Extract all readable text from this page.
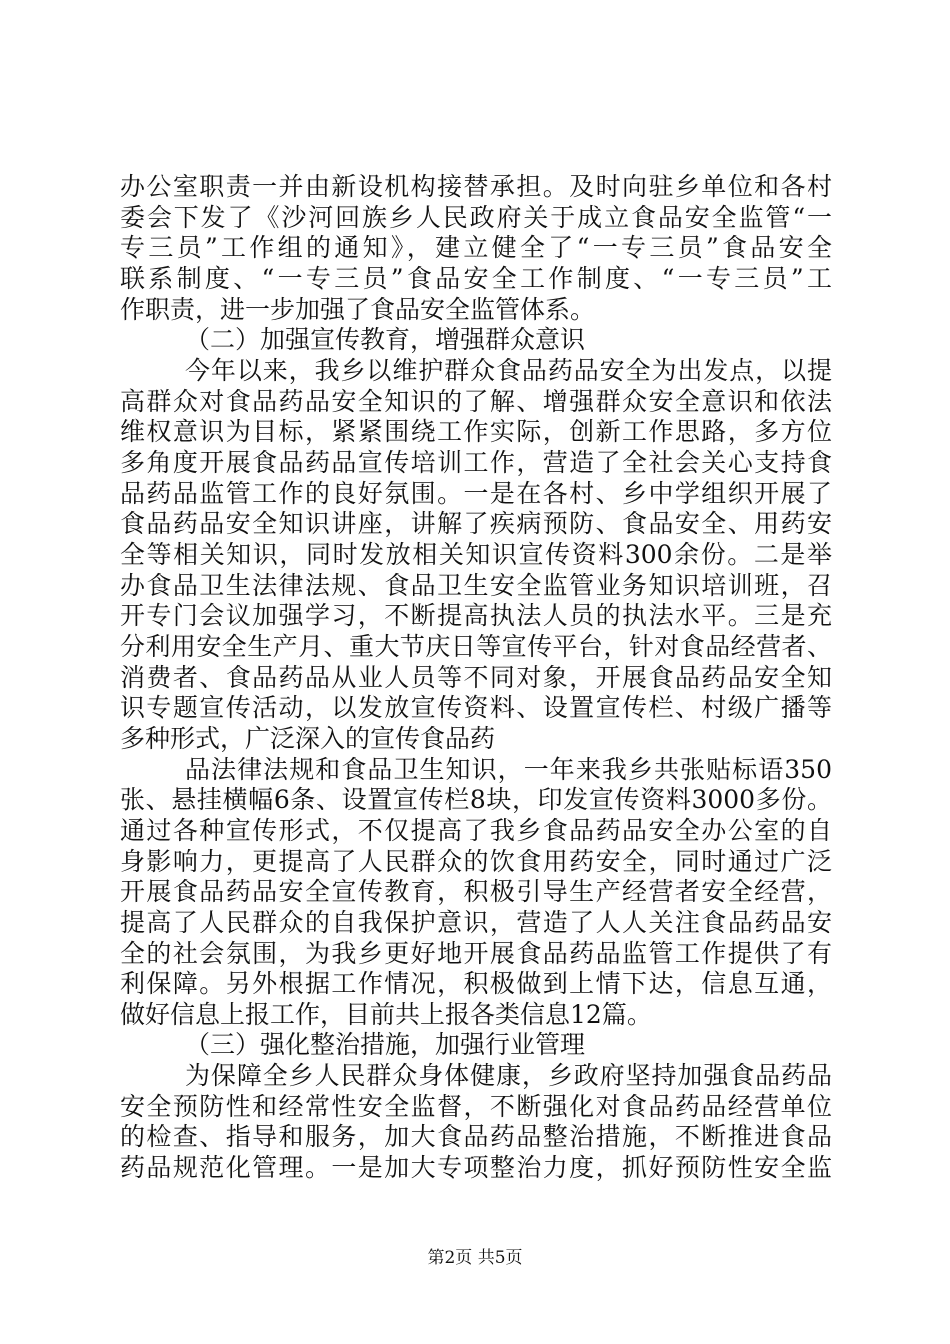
办公室职责一并由新设机构接替承担。及时向驻乡单位和各村
委会下发了《沙河回族乡人民政府关于成立食品安全监管“一
专三员”工作组的通知》，建立健全了“一专三员”食品安全
联系制度、“一专三员”食品安全工作制度、“一专三员”工
作职责，进一步加强了食品安全监管体系。
（二）加强宣传教育，增强群众意识
今年以来，我乡以维护群众食品药品安全为出发点，以提
高群众对食品药品安全知识的了解、增强群众安全意识和依法
维权意识为目标，紧紧围绕工作实际，创新工作思路，多方位
多角度开展食品药品宣传培训工作，营造了全社会关心支持食
品药品监管工作的良好氛围。一是在各村、乡中学组织开展了
食品药品安全知识讲座，讲解了疾病预防、食品安全、用药安
全等相关知识，同时发放相关知识宣传资料300余份。二是举
办食品卫生法律法规、食品卫生安全监管业务知识培训班，召
开专门会议加强学习，不断提高执法人员的执法水平。三是充
分利用安全生产月、重大节庆日等宣传平台，针对食品经营者、
消费者、食品药品从业人员等不同对象，开展食品药品安全知
识专题宣传活动，以发放宣传资料、设置宣传栏、村级广播等
多种形式，广泛深入的宣传食品药
品法律法规和食品卫生知识，一年来我乡共张贴标语350
张、悬挂横幅6条、设置宣传栏8块，印发宣传资料3000多份。
通过各种宣传形式，不仅提高了我乡食品药品安全办公室的自
身影响力，更提高了人民群众的饮食用药安全，同时通过广泛
开展食品药品安全宣传教育，积极引导生产经营者安全经营，
提高了人民群众的自我保护意识，营造了人人关注食品药品安
全的社会氛围，为我乡更好地开展食品药品监管工作提供了有
利保障。另外根据工作情况，积极做到上情下达，信息互通，
做好信息上报工作，目前共上报各类信息12篇。
（三）强化整治措施，加强行业管理
为保障全乡人民群众身体健康，乡政府坚持加强食品药品
安全预防性和经常性安全监督，不断强化对食品药品经营单位
的检查、指导和服务，加大食品药品整治措施，不断推进食品
药品规范化管理。一是加大专项整治力度，抓好预防性安全监
第2页 共5页
